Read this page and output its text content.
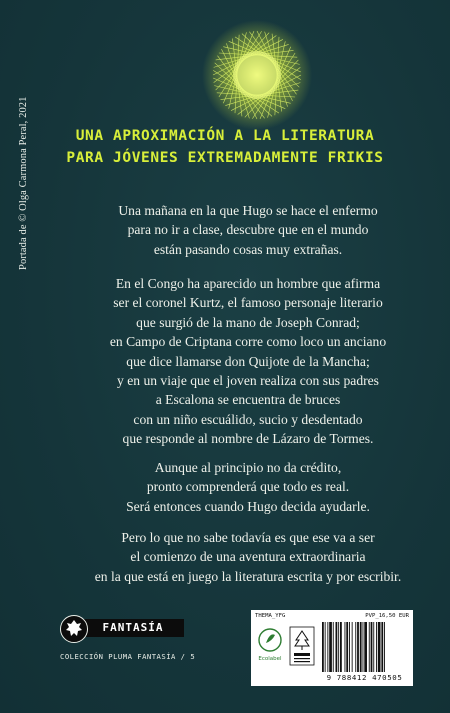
Portada de © Olga Carmona Peral, 2021	UNA APROXIMACIÓN A LA LITERATURA
PARA JÓVENES EXTREMADAMENTE FRIKIS
Una mañana en la que Hugo se hace el enfermo
para no ir a clase, descubre que en el mundo
están pasando cosas muy extrañas.
En el Congo ha aparecido un hombre que afirma
ser el coronel Kurtz, el famoso personaje literario
que surgió de la mano de Joseph Conrad;
en Campo de Criptana corre como loco un anciano
que dice llamarse don Quijote de la Mancha;
y en un viaje que el joven realiza con sus padres
a Escalona se encuentra de bruces
con un niño escuálido, sucio y desdentado
que responde al nombre de Lázaro de Tormes.
Aunque al principio no da crédito,
pronto comprenderá que todo es real.
Será entonces cuando Hugo decida ayudarle.
Pero lo que no sabe todavía es que ese va a ser
el comienzo de una aventura extraordinaria
en la que está en juego la literatura escrita y por escribir.
FANTASÍA
COLECCIÓN PLUMA FANTASÍA / 5
THEMA_YFG	PVP_16,50 EUR
Ecolabel
9 788412 470505
